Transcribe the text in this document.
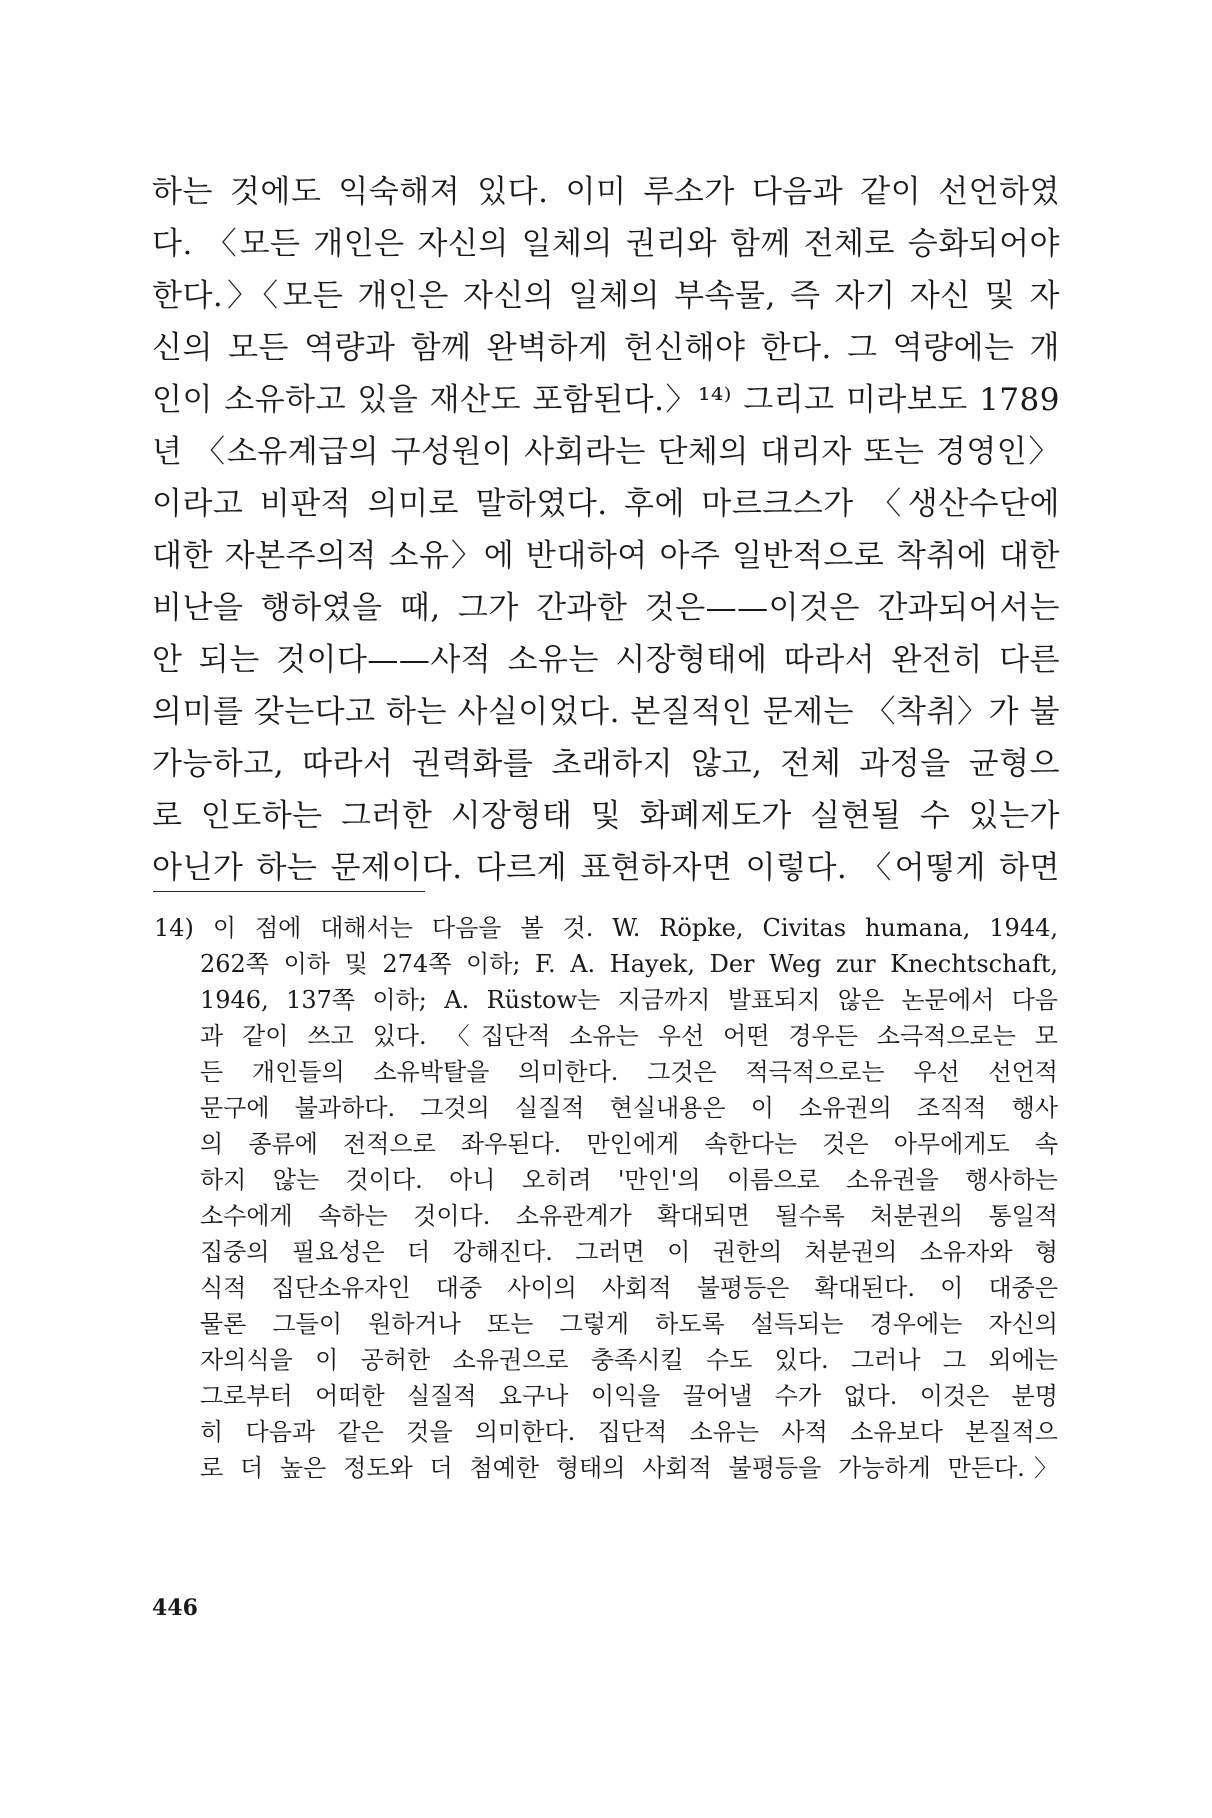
하는 것에도 익숙해져 있다. 이미 루소가 다음과 같이 선언하였
다. 〈모든 개인은 자신의 일체의 권리와 함께 전체로 승화되어야
한다.〉〈모든 개인은 자신의 일체의 부속물, 즉 자기 자신 및 자
신의 모든 역량과 함께 완벽하게 헌신해야 한다. 그 역량에는 개
인이 소유하고 있을 재산도 포함된다.〉¹⁴⁾ 그리고 미라보도 1789
년 〈소유계급의 구성원이 사회라는 단체의 대리자 또는 경영인〉
이라고 비판적 의미로 말하였다. 후에 마르크스가 〈생산수단에
대한 자본주의적 소유〉에 반대하여 아주 일반적으로 착취에 대한
비난을 행하였을 때, 그가 간과한 것은——이것은 간과되어서는
안 되는 것이다——사적 소유는 시장형태에 따라서 완전히 다른
의미를 갖는다고 하는 사실이었다. 본질적인 문제는 〈착취〉가 불
가능하고, 따라서 권력화를 초래하지 않고, 전체 과정을 균형으
로 인도하는 그러한 시장형태 및 화폐제도가 실현될 수 있는가
아닌가 하는 문제이다. 다르게 표현하자면 이렇다. 〈어떻게 하면
14) 이 점에 대해서는 다음을 볼 것. W. Röpke, Civitas humana, 1944,
262쪽 이하 및 274쪽 이하; F. A. Hayek, Der Weg zur Knechtschaft,
1946, 137쪽 이하; A. Rüstow는 지금까지 발표되지 않은 논문에서 다음
과 같이 쓰고 있다. 〈집단적 소유는 우선 어떤 경우든 소극적으로는 모
든 개인들의 소유박탈을 의미한다. 그것은 적극적으로는 우선 선언적
문구에 불과하다. 그것의 실질적 현실내용은 이 소유권의 조직적 행사
의 종류에 전적으로 좌우된다. 만인에게 속한다는 것은 아무에게도 속
하지 않는 것이다. 아니 오히려 '만인'의 이름으로 소유권을 행사하는
소수에게 속하는 것이다. 소유관계가 확대되면 될수록 처분권의 통일적
집중의 필요성은 더 강해진다. 그러면 이 권한의 처분권의 소유자와 형
식적 집단소유자인 대중 사이의 사회적 불평등은 확대된다. 이 대중은
물론 그들이 원하거나 또는 그렇게 하도록 설득되는 경우에는 자신의
자의식을 이 공허한 소유권으로 충족시킬 수도 있다. 그러나 그 외에는
그로부터 어떠한 실질적 요구나 이익을 끌어낼 수가 없다. 이것은 분명
히 다음과 같은 것을 의미한다. 집단적 소유는 사적 소유보다 본질적으
로 더 높은 정도와 더 첨예한 형태의 사회적 불평등을 가능하게 만든다.〉
446
